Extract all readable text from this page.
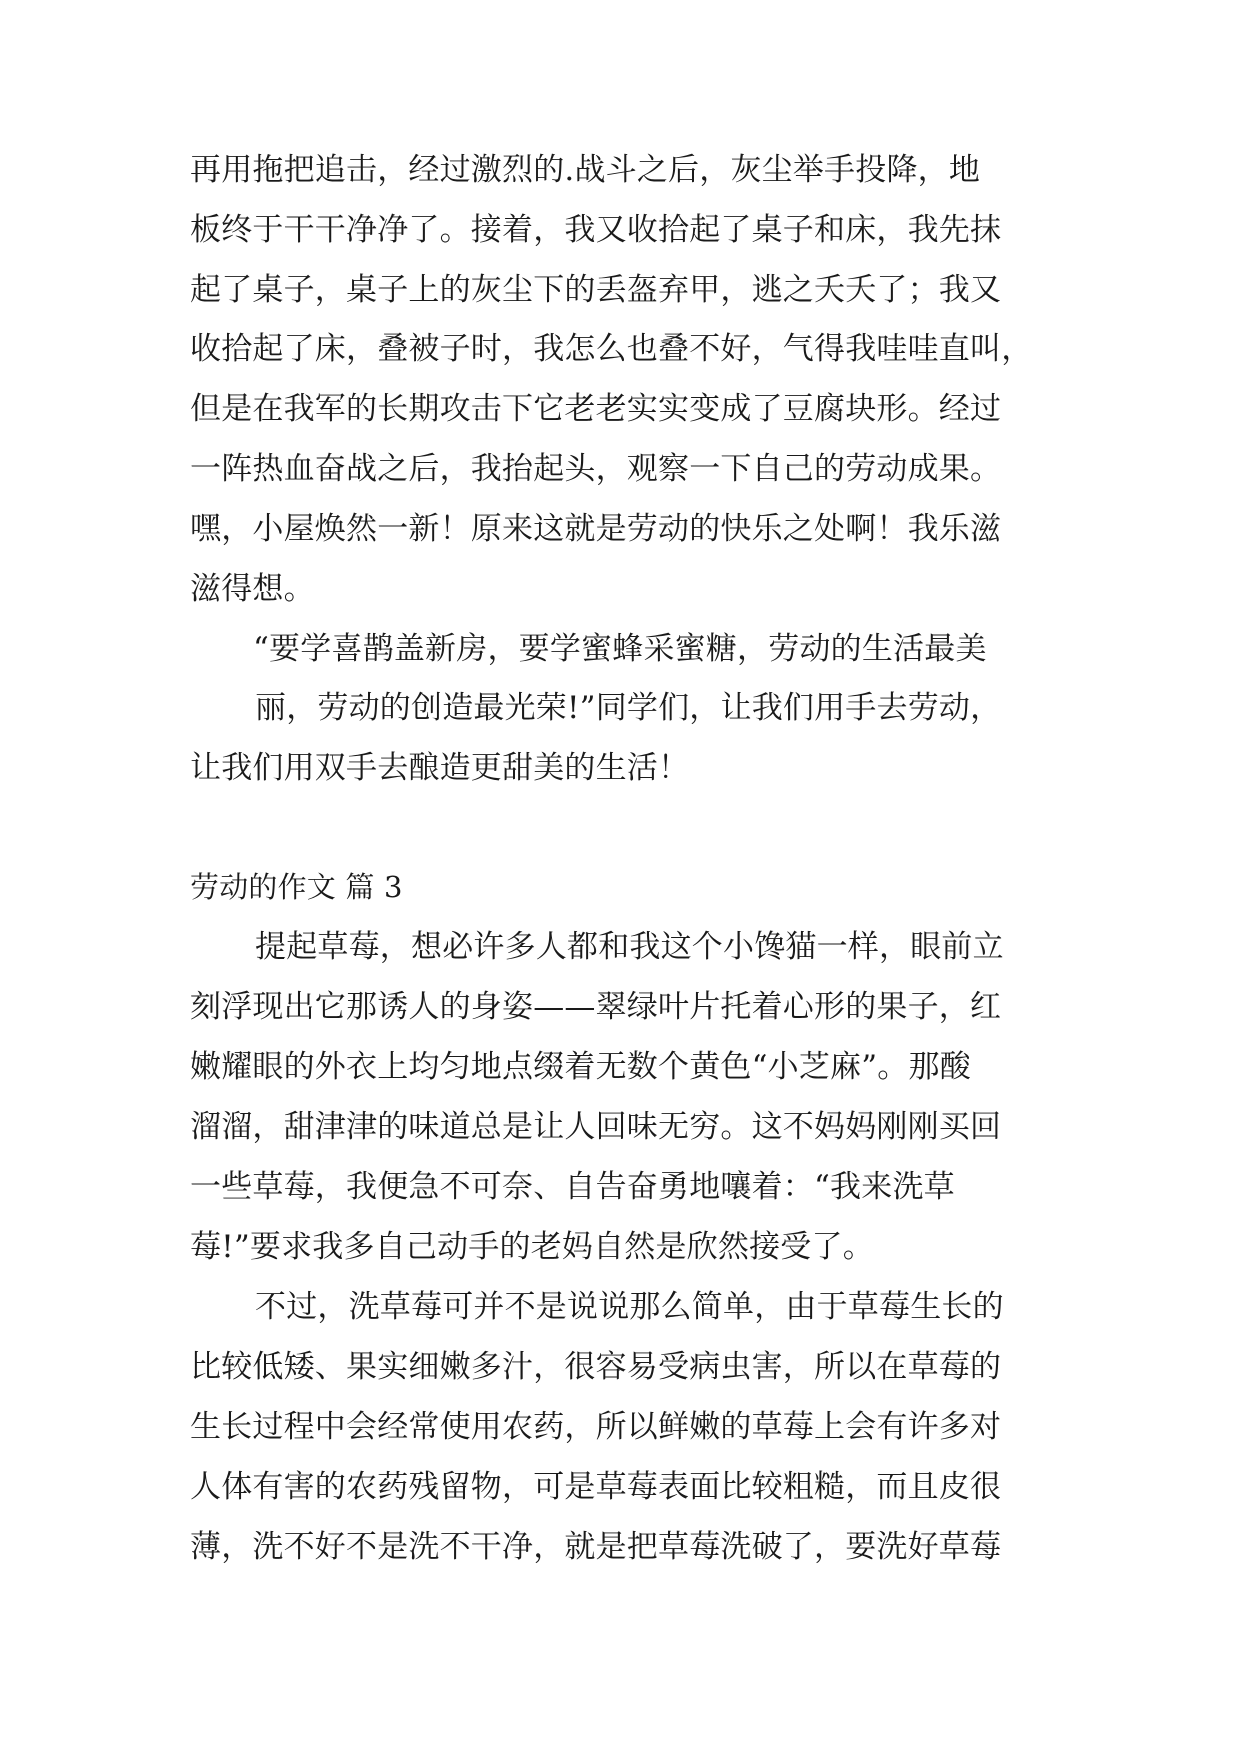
再用拖把追击，经过激烈的.战斗之后，灰尘举手投降，地
板终于干干净净了。接着，我又收拾起了桌子和床，我先抹
起了桌子，桌子上的灰尘下的丢盔弃甲，逃之夭夭了；我又
收拾起了床，叠被子时，我怎么也叠不好，气得我哇哇直叫，
但是在我军的长期攻击下它老老实实变成了豆腐块形。经过
一阵热血奋战之后，我抬起头，观察一下自己的劳动成果。
嘿，小屋焕然一新！原来这就是劳动的快乐之处啊！我乐滋
滋得想。
“要学喜鹊盖新房，要学蜜蜂采蜜糖，劳动的生活最美
丽，劳动的创造最光荣!”同学们，让我们用手去劳动，
让我们用双手去酿造更甜美的生活！
劳动的作文 篇 3
提起草莓，想必许多人都和我这个小馋猫一样，眼前立
刻浮现出它那诱人的身姿——翠绿叶片托着心形的果子，红
嫩耀眼的外衣上均匀地点缀着无数个黄色“小芝麻”。那酸
溜溜，甜津津的味道总是让人回味无穷。这不妈妈刚刚买回
一些草莓，我便急不可奈、自告奋勇地嚷着：“我来洗草
莓!”要求我多自己动手的老妈自然是欣然接受了。
不过，洗草莓可并不是说说那么简单，由于草莓生长的
比较低矮、果实细嫩多汁，很容易受病虫害，所以在草莓的
生长过程中会经常使用农药，所以鲜嫩的草莓上会有许多对
人体有害的农药残留物，可是草莓表面比较粗糙，而且皮很
薄，洗不好不是洗不干净，就是把草莓洗破了，要洗好草莓
